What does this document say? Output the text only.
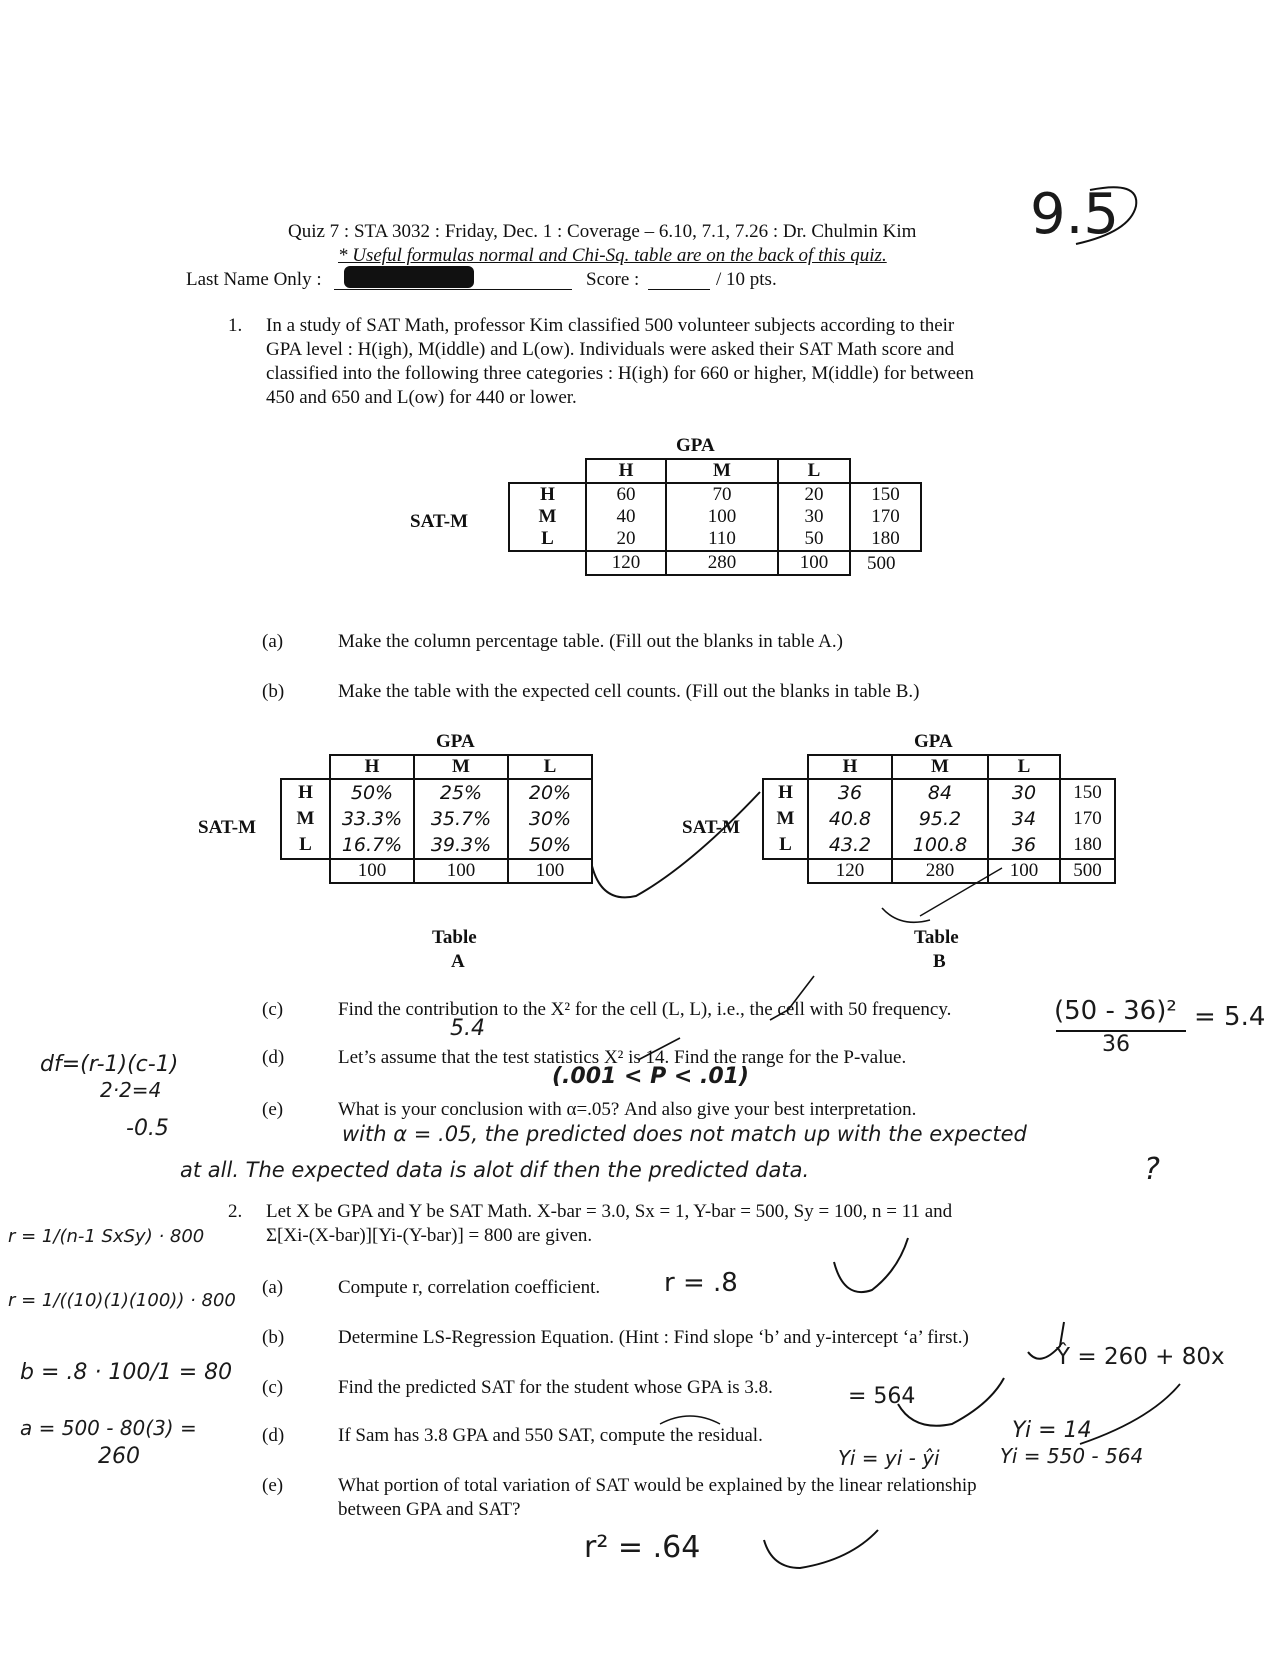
Quiz 7 : STA 3032 : Friday, Dec. 1 : Coverage – 6.10, 7.1, 7.26 : Dr. Chulmin Kim
* Useful formulas normal and Chi-Sq. table are on the back of this quiz.
Last Name Only :	Score :	/ 10 pts.
9.5
1. In a study of SAT Math, professor Kim classified 500 volunteer subjects according to their
GPA level : H(igh), M(iddle) and L(ow). Individuals were asked their SAT Math score and
classified into the following three categories : H(igh) for 660 or higher, M(iddle) for between
450 and 650 and L(ow) for 440 or lower.
GPA
SAT-M
	H	M	L	
H	60	70	20	150
M	40	100	30	170
L	20	110	50	180
	120	280	100	500
(a)	Make the column percentage table. (Fill out the blanks in table A.)
(b)	Make the table with the expected cell counts. (Fill out the blanks in table B.)
GPA
SAT-M
	H	M	L
H	50%	25%	20%
M	33.3%	35.7%	30%
L	16.7%	39.3%	50%
	100	100	100
Table
A
GPA
SAT-M
	H	M	L	
H	36	84	30	150
M	40.8	95.2	34	170
L	43.2	100.8	36	180
	120	280	100	500
Table
B
(c)	Find the contribution to the X² for the cell (L, L), i.e., the cell with 50 frequency.
5.4
(50 - 36)²
36
= 5.4
df=(r-1)(c-1)
2·2=4
(d)	Let’s assume that the test statistics X² is 14. Find the range for the P-value.
(.001 < P < .01)
(e)	What is your conclusion with α=.05? And also give your best interpretation.
-0.5	with α = .05, the predicted does not match up with the expected
at all. The expected data is alot dif then the predicted data.	?
2. Let X be GPA and Y be SAT Math. X-bar = 3.0, Sx = 1, Y-bar = 500, Sy = 100, n = 11 and
Σ[Xi-(X-bar)][Yi-(Y-bar)] = 800 are given.
r = 1/(n-1 SxSy) · 800
r = 1/((10)(1)(100)) · 800
b = .8 · 100/1 = 80
a = 500 - 80(3) =
260
(a)	Compute r, correlation coefficient. r = .8
(b)	Determine LS-Regression Equation. (Hint : Find slope ‘b’ and y-intercept ‘a’ first.)
Ŷ = 260 + 80x
(c)	Find the predicted SAT for the student whose GPA is 3.8.	= 564
(d)	If Sam has 3.8 GPA and 550 SAT, compute the residual.
Yi = yi - ŷi
Yi = 14
Yi = 550 - 564
(e)	What portion of total variation of SAT would be explained by the linear relationship
between GPA and SAT?
r² = .64
